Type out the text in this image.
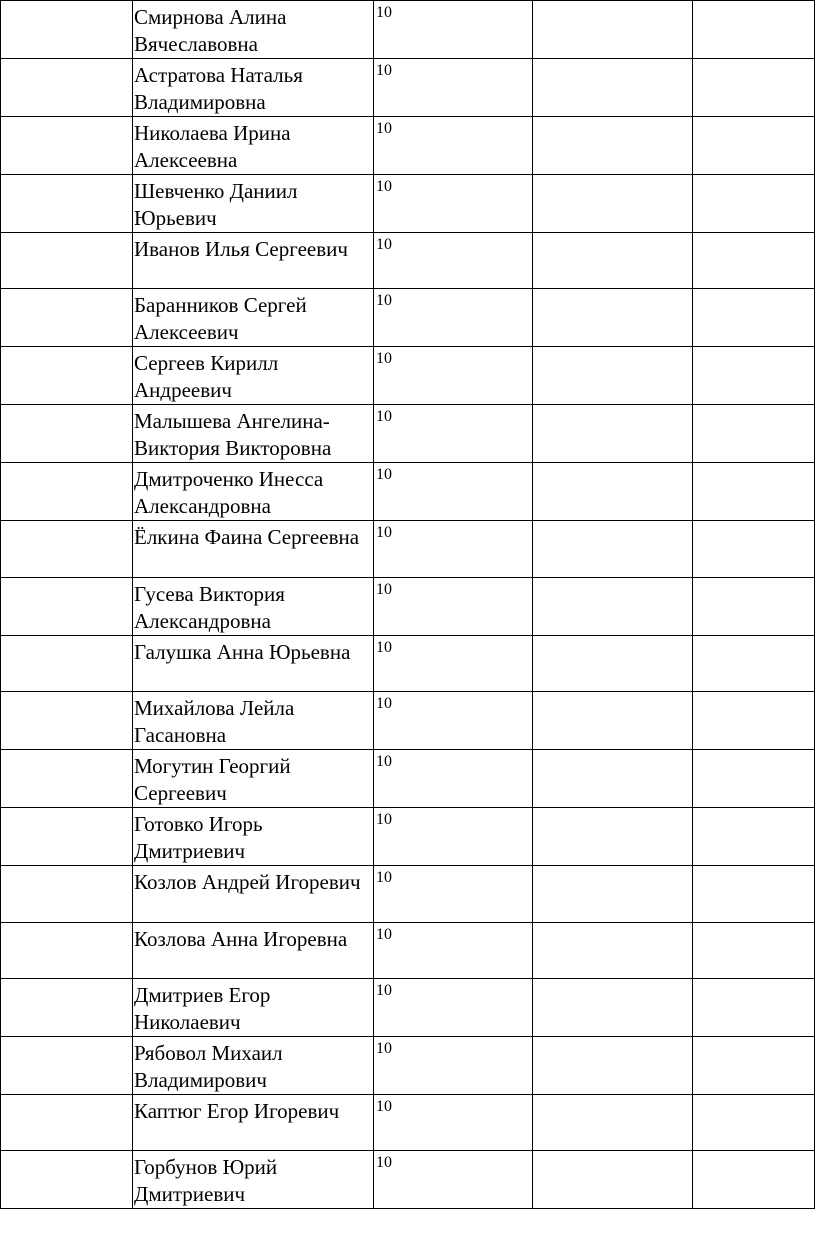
	Смирнова Алина Вячеславовна	10		
	Астратова Наталья Владимировна	10		
	Николаева Ирина Алексеевна	10		
	Шевченко Даниил Юрьевич	10		
	Иванов Илья Сергеевич	10		
	Баранников Сергей Алексеевич	10		
	Сергеев Кирилл Андреевич	10		
	Малышева Ангелина-Виктория Викторовна	10		
	Дмитроченко Инесса Александровна	10		
	Ёлкина Фаина Сергеевна	10		
	Гусева Виктория Александровна	10		
	Галушка Анна Юрьевна	10		
	Михайлова Лейла Гасановна	10		
	Могутин Георгий Сергеевич	10		
	Готовко Игорь Дмитриевич	10		
	Козлов Андрей Игоревич	10		
	Козлова Анна Игоревна	10		
	Дмитриев Егор Николаевич	10		
	Рябовол Михаил Владимирович	10		
	Каптюг Егор Игоревич	10		
	Горбунов Юрий Дмитриевич	10		
